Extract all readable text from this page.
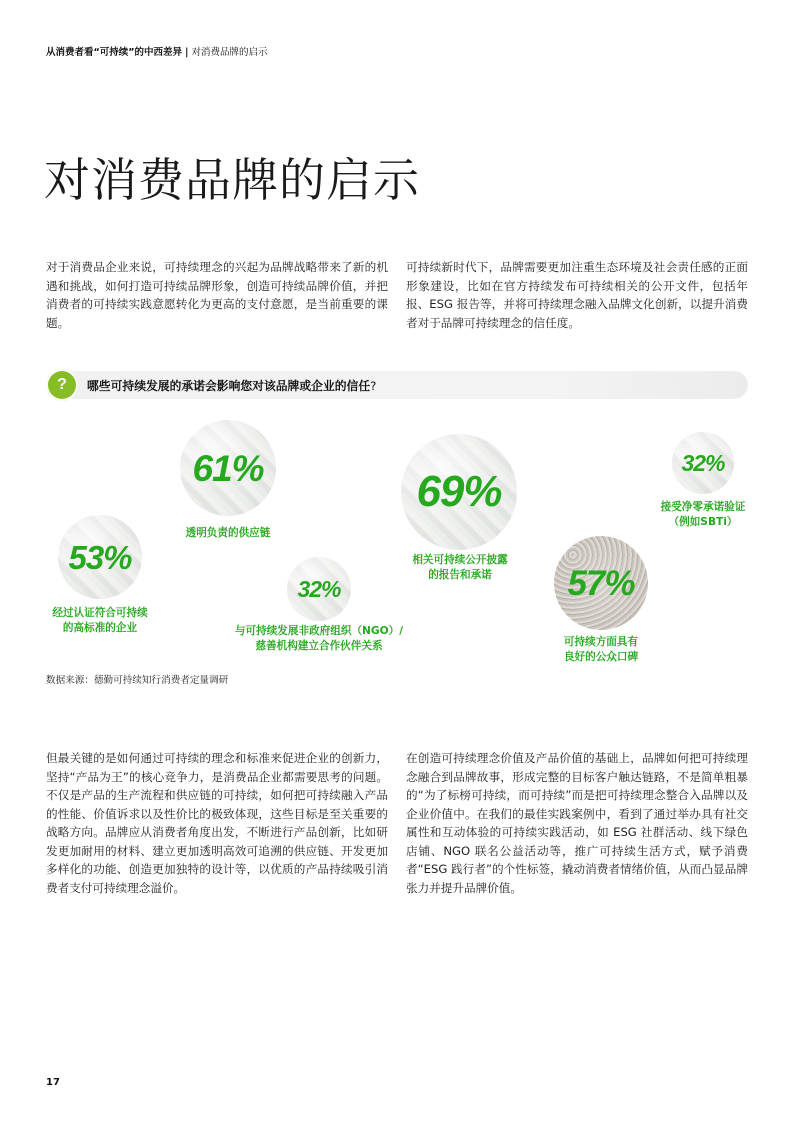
从消费者看“可持续”的中西差异 | 对消费品牌的启示
对消费品牌的启示

对于消费品企业来说，可持续理念的兴起为品牌战略带来了新的机遇和挑战，如何打造可持续品牌形象，创造可持续品牌价值，并把消费者的可持续实践意愿转化为更高的支付意愿，是当前重要的课题。

可持续新时代下，品牌需要更加注重生态环境及社会责任感的正面形象建设，比如在官方持续发布可持续相关的公开文件，包括年报、ESG 报告等，并将可持续理念融入品牌文化创新，以提升消费者对于品牌可持续理念的信任度。

? 哪些可持续发展的承诺会影响您对该品牌或企业的信任?
53%
经过认证符合可持续
的高标准的企业
61%
透明负责的供应链
32%
与可持续发展非政府组织（NGO）/
慈善机构建立合作伙伴关系
69%
相关可持续公开披露
的报告和承诺	57%
可持续方面具有
良好的公众口碑
32%
接受净零承诺验证
（例如SBTi）
数据来源：德勤可持续知行消费者定量调研

但最关键的是如何通过可持续的理念和标准来促进企业的创新力，坚持“产品为王”的核心竞争力，是消费品企业都需要思考的问题。不仅是产品的生产流程和供应链的可持续，如何把可持续融入产品的性能、价值诉求以及性价比的极致体现，这些目标是至关重要的战略方向。品牌应从消费者角度出发，不断进行产品创新，比如研发更加耐用的材料、建立更加透明高效可追溯的供应链、开发更加多样化的功能、创造更加独特的设计等，以优质的产品持续吸引消费者支付可持续理念溢价。

在创造可持续理念价值及产品价值的基础上，品牌如何把可持续理念融合到品牌故事，形成完整的目标客户触达链路，不是简单粗暴的“为了标榜可持续，而可持续”而是把可持续理念整合入品牌以及企业价值中。在我们的最佳实践案例中，看到了通过举办具有社交属性和互动体验的可持续实践活动，如 ESG 社群活动、线下绿色店铺、NGO 联名公益活动等，推广可持续生活方式，赋予消费者“ESG 践行者”的个性标签，撬动消费者情绪价值，从而凸显品牌张力并提升品牌价值。

17
